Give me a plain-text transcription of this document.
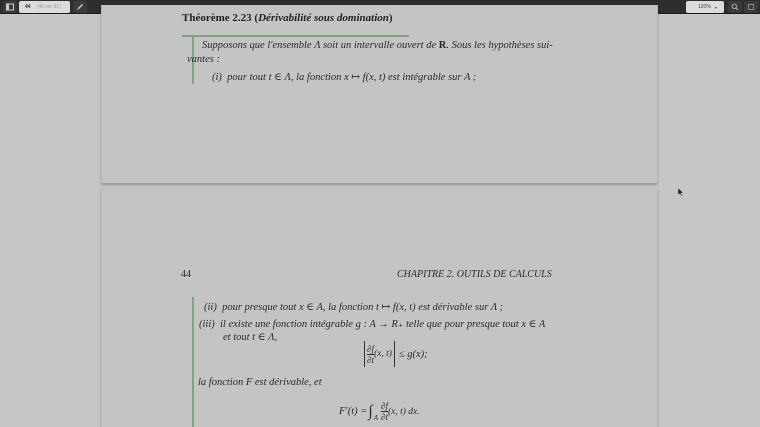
44 (46 sur 91)	120% ▾
Théorème 2.23 (Dérivabilité sous domination)
Supposons que l'ensemble Λ soit un intervalle ouvert de R. Sous les hypothèses sui-
vantes :
(i) pour tout t ∈ Λ, la fonction x ↦ f(x, t) est intégrable sur A ;
44	CHAPITRE 2. OUTILS DE CALCULS
(ii) pour presque tout x ∈ A, la fonction t ↦ f(x, t) est dérivable sur Λ ;
(iii) il existe une fonction intégrable g : A → R₊ telle que pour presque tout x ∈ A
et tout t ∈ Λ,
$\frac{\partial f}{\partial t} (x$, t) ≤ g(x);
la fonction F est dérivable, et
F′(t) = ∫ A $\frac{\partial f}{\partial t} (x$, t) dx.
